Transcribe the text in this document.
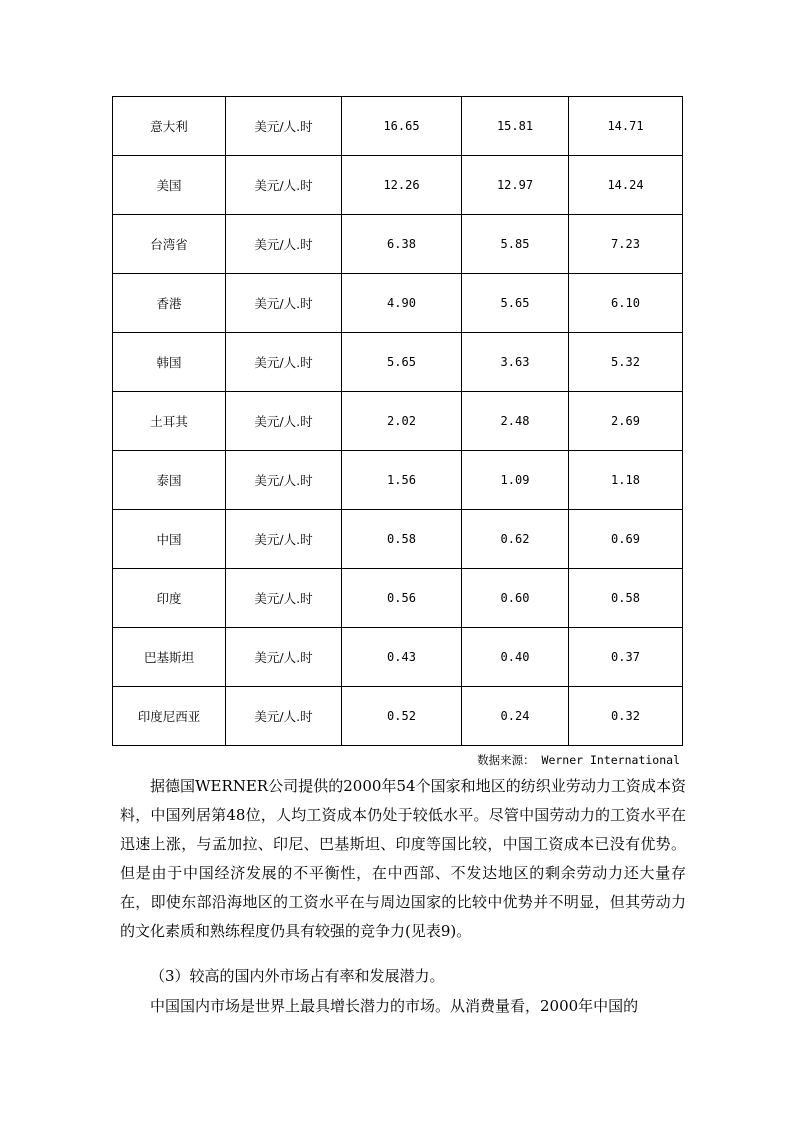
意大利	美元/人.时	16.65	15.81	14.71
美国	美元/人.时	12.26	12.97	14.24
台湾省	美元/人.时	6.38	5.85	7.23
香港	美元/人.时	4.90	5.65	6.10
韩国	美元/人.时	5.65	3.63	5.32
土耳其	美元/人.时	2.02	2.48	2.69
泰国	美元/人.时	1.56	1.09	1.18
中国	美元/人.时	0.58	0.62	0.69
印度	美元/人.时	0.56	0.60	0.58
巴基斯坦	美元/人.时	0.43	0.40	0.37
印度尼西亚	美元/人.时	0.52	0.24	0.32
数据来源： Werner International

据德国WERNER公司提供的2000年54个国家和地区的纺织业劳动力工资成本资料，中国列居第48位，人均工资成本仍处于较低水平。尽管中国劳动力的工资水平在迅速上涨，与孟加拉、印尼、巴基斯坦、印度等国比较，中国工资成本已没有优势。但是由于中国经济发展的不平衡性，在中西部、不发达地区的剩余劳动力还大量存在，即使东部沿海地区的工资水平在与周边国家的比较中优势并不明显，但其劳动力的文化素质和熟练程度仍具有较强的竞争力(见表9)。

（3）较高的国内外市场占有率和发展潜力。

中国国内市场是世界上最具增长潜力的市场。从消费量看，2000年中国的
